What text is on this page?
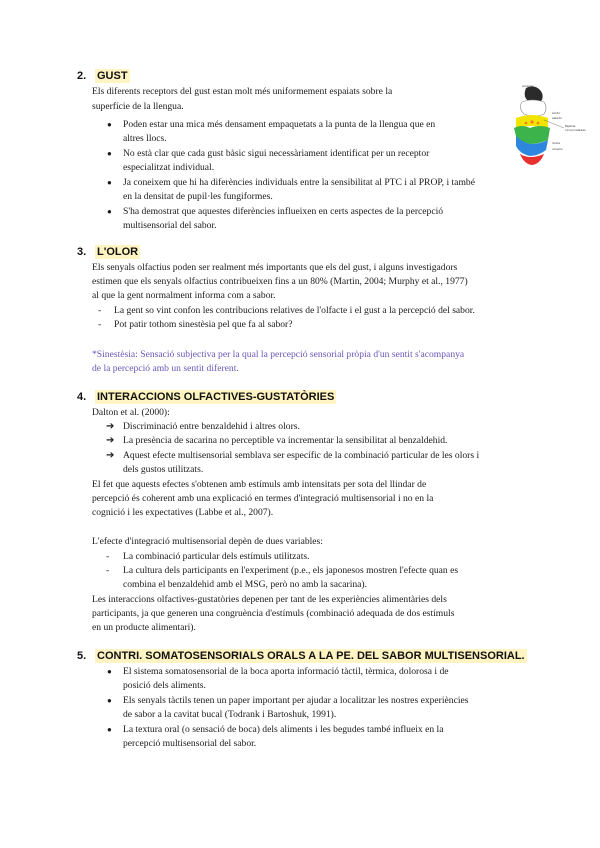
2. GUST
Els diferents receptors del gust estan molt més uniformement espaiats sobre la
superfície de la llengua.
● Poden estar una mica més densament empaquetats a la punta de la llengua que en
altres llocs.
● No està clar que cada gust bàsic sigui necessàriament identificat per un receptor
especialitzat individual.
● Ja coneixem que hi ha diferències individuals entre la sensibilitat al PTC i al PROP, i també
en la densitat de pupil·les fungiformes.
● S'ha demostrat que aquestes diferències influeixen en certs aspectes de la percepció
multisensorial del sabor.
amargo
ácido
salado
dulce
umami
Papilas
circunvaladas
3. L'OLOR
Els senyals olfactius poden ser realment més importants que els del gust, i alguns investigadors
estimen que els senyals olfactius contribueixen fins a un 80% (Martin, 2004; Murphy et al., 1977)
al que la gent normalment informa com a sabor.
- La gent so vint confon les contribucions relatives de l'olfacte i el gust a la percepció del sabor.
- Pot patir tothom sinestèsia pel que fa al sabor?
*Sinestèsia: Sensació subjectiva per la qual la percepció sensorial pròpia d'un sentit s'acompanya
de la percepció amb un sentit diferent.
4. INTERACCIONS OLFACTIVES-GUSTATÒRIES
Dalton et al. (2000):
➔ Discriminació entre benzaldehid i altres olors.
➔ La presència de sacarina no perceptible va incrementar la sensibilitat al benzaldehid.
➔ Aquest efecte multisensorial semblava ser específic de la combinació particular de les olors i
dels gustos utilitzats.
El fet que aquests efectes s'obtenen amb estímuls amb intensitats per sota del llindar de
percepció és coherent amb una explicació en termes d'integració multisensorial i no en la
cognició i les expectatives (Labbe et al., 2007).
L'efecte d'integració multisensorial depèn de dues variables:
- La combinació particular dels estímuls utilitzats.
- La cultura dels participants en l'experiment (p.e., els japonesos mostren l'efecte quan es
combina el benzaldehid amb el MSG, però no amb la sacarina).
Les interaccions olfactives-gustatòries depenen per tant de les experiències alimentàries dels
participants, ja que generen una congruència d'estímuls (combinació adequada de dos estímuls
en un producte alimentari).
5. CONTRI. SOMATOSENSORIALS ORALS A LA PE. DEL SABOR MULTISENSORIAL.
● El sistema somatosensorial de la boca aporta informació tàctil, tèrmica, dolorosa i de
posició dels aliments.
● Els senyals tàctils tenen un paper important per ajudar a localitzar les nostres experiències
de sabor a la cavitat bucal (Todrank i Bartoshuk, 1991).
● La textura oral (o sensació de boca) dels aliments i les begudes també influeix en la
percepció multisensorial del sabor.
